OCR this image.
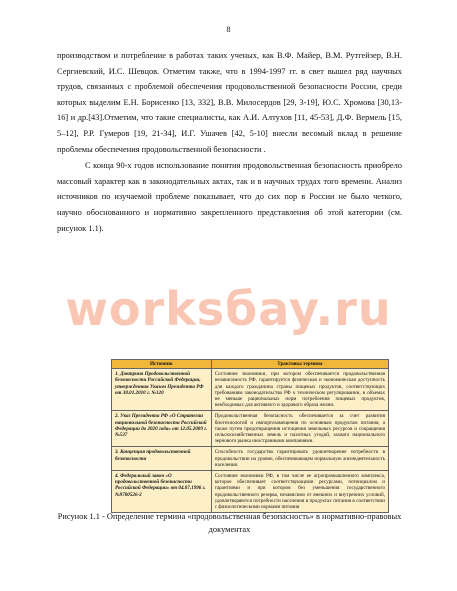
8

производством и потребление в работах таких ученых, как В.Ф. Майер, В.М. Рутгейзер, В.Н. Сергиевский, И.С. Шевцов. Отметим также, что в 1994-1997 гг. в свет вышел ряд научных трудов, связанных с проблемой обеспечения продовольственной безопасности России, среди которых выделим Е.Н. Борисенко [13, 332], В.В. Милосердов [29, 3-19], Ю.С. Хромова [30,13-16] и др.[43].Отметим, что такие специалисты, как А.И. Алтухов [11, 45-53], Д.Ф. Вермель [15, 5–12], Р.Р. Гумеров [19, 21-34], И.Г. Ушачев [42, 5-10] внесли весомый вклад в решение проблемы обеспечения продовольственной безопасности .

С конца 90-х годов использование понятия продовольственная безопасность приобрело массовый характер как в законодательных актах, так и в научных трудах того времени. Анализ источников по изучаемой проблеме показывает, что до сих пор в России не было четкого, научно обоснованного и нормативно закрепленного представления об этой категории (см. рисунок 1.1).

Источник	Трактовка термина
1. Доктрина Продовольственной безопасности Российской Федерации, утвержденная Указом Президента РФ от 30.01.2010 г. №120	Состояние экономики, при котором обеспечивается продовольственная независимость РФ, гарантируется физическая и экономическая доступность для каждого гражданина страны пищевых продуктов, соответствующих требованиям законодательства РФ о техническом регулировании, в объемах не меньше рациональных норм потребления пищевых продуктов, необходимых для активного и здорового образа жизни.
2. Указ Президента РФ «О Стратегии национальной безопасности Российской Федерации до 2020 года» от 12.05.2009 г. №537	Продовольственная безопасность обеспечивается за счет развития биотехнологий и импортозамещения по основным продуктам питания, а также путем предотвращения истощения земельных ресурсов и сокращения сельскохозяйственных земель и пахотных угодий, захвата национального зернового рынка иностранными компаниями.
3. Концепция продовольственной безопасности	Способность государства гарантировать удовлетворение потребности в продовольствии на уровне, обеспечивающем нормальную жизнедеятельность населения.
4. Федеральный закон «О продовольственной безопасности Российской Федерации» от 04.07.1996 г. №9700526-2	Состояние экономики РФ, в том числе ее агропромышленного комплекса, которое обеспечивает соответствующими ресурсами, потенциалом и гарантиями и при котором без уменьшения государственного продовольственного резерва, независимо от внешних и внутренних условий, удовлетворяются потребности населения в продуктах питания в соответствии с физиологическими нормами питания
worksбay.ru
Рисунок 1.1 - Определение термина «продовольственная безопасность» в нормативно-правовых документах
